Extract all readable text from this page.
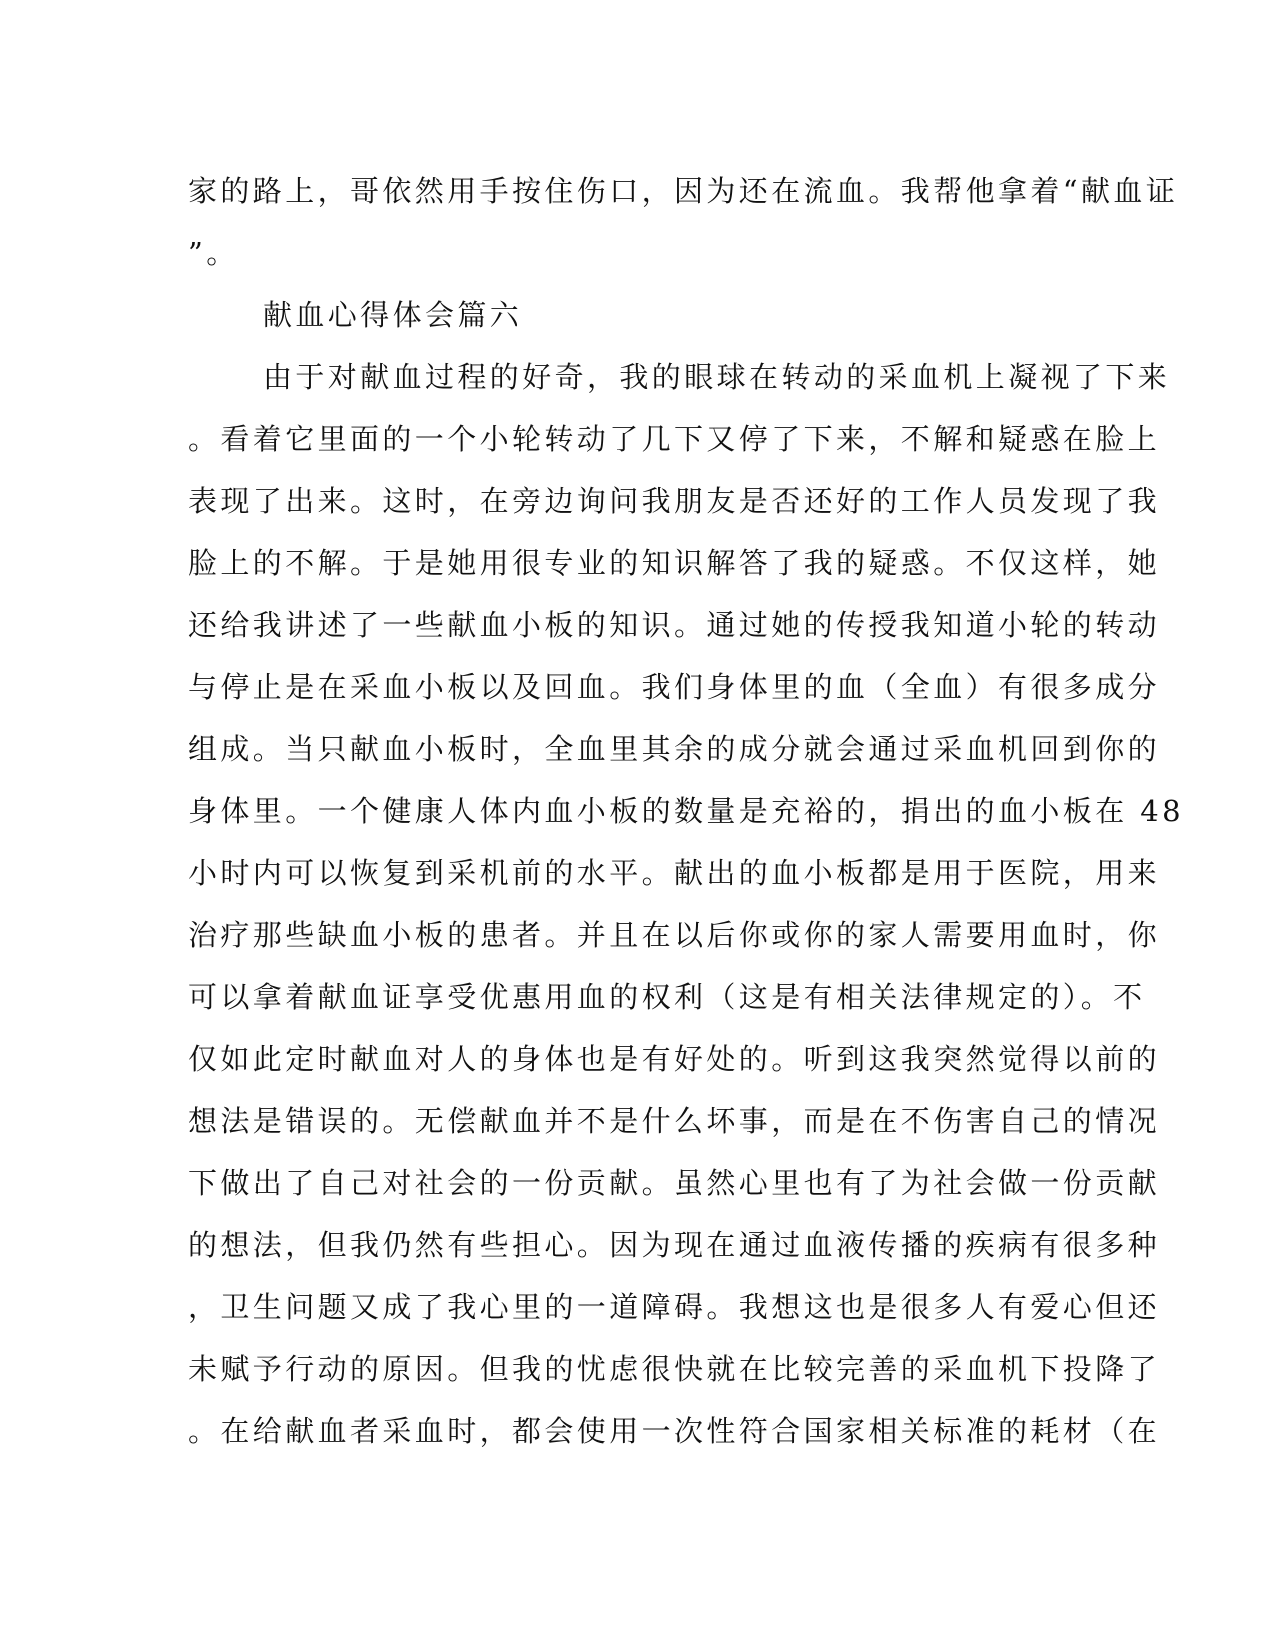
家的路上，哥依然用手按住伤口，因为还在流血。我帮他拿着“献血证
”。
献血心得体会篇六
由于对献血过程的好奇，我的眼球在转动的采血机上凝视了下来
。看着它里面的一个小轮转动了几下又停了下来，不解和疑惑在脸上
表现了出来。这时，在旁边询问我朋友是否还好的工作人员发现了我
脸上的不解。于是她用很专业的知识解答了我的疑惑。不仅这样，她
还给我讲述了一些献血小板的知识。通过她的传授我知道小轮的转动
与停止是在采血小板以及回血。我们身体里的血（全血）有很多成分
组成。当只献血小板时，全血里其余的成分就会通过采血机回到你的
身体里。一个健康人体内血小板的数量是充裕的，捐出的血小板在 48
小时内可以恢复到采机前的水平。献出的血小板都是用于医院，用来
治疗那些缺血小板的患者。并且在以后你或你的家人需要用血时，你
可以拿着献血证享受优惠用血的权利（这是有相关法律规定的）。不
仅如此定时献血对人的身体也是有好处的。听到这我突然觉得以前的
想法是错误的。无偿献血并不是什么坏事，而是在不伤害自己的情况
下做出了自己对社会的一份贡献。虽然心里也有了为社会做一份贡献
的想法，但我仍然有些担心。因为现在通过血液传播的疾病有很多种
，卫生问题又成了我心里的一道障碍。我想这也是很多人有爱心但还
未赋予行动的原因。但我的忧虑很快就在比较完善的采血机下投降了
。在给献血者采血时，都会使用一次性符合国家相关标准的耗材（在
